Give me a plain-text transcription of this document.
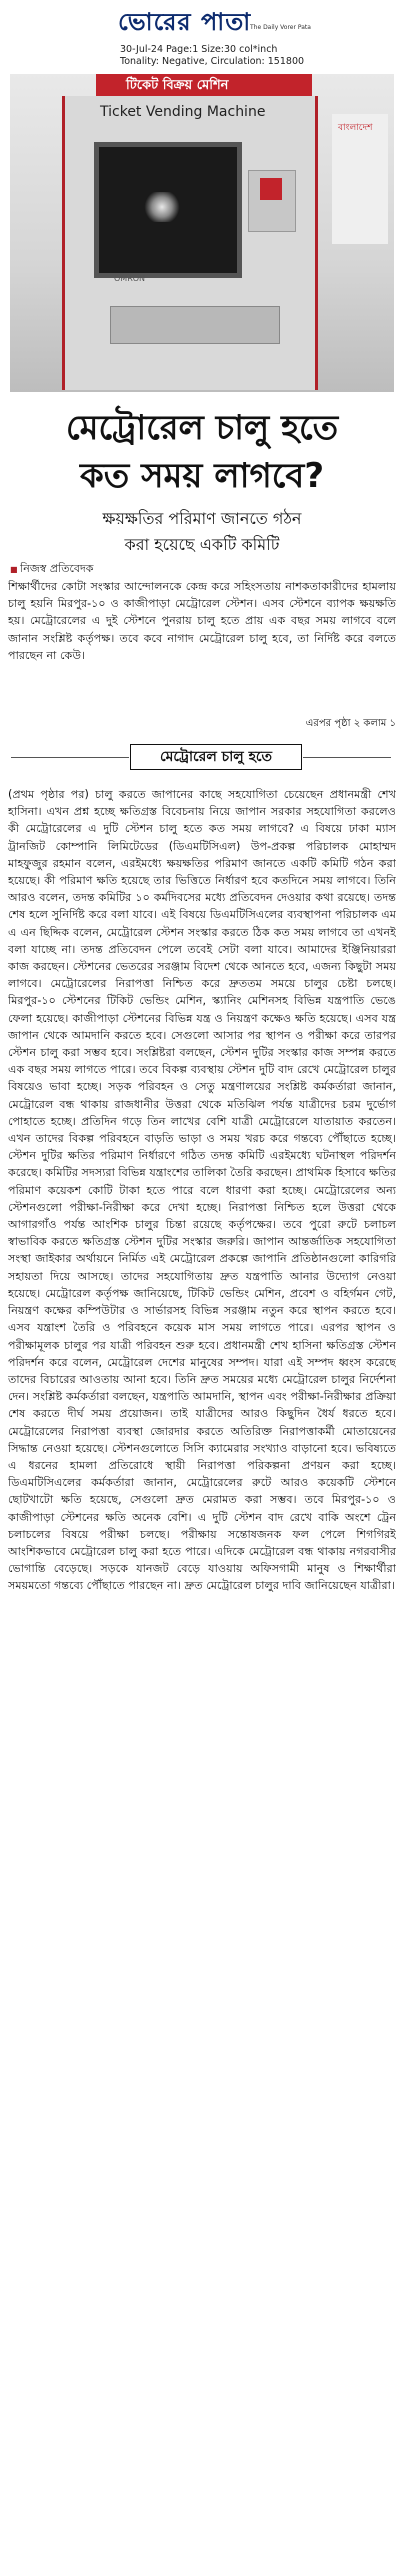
ভোরের পাতা
The Daily Vorer Pata
30-Jul-24 Page:1 Size:30 col*inch
Tonality: Negative, Circulation: 151800
টিকেট বিক্রয় মেশিন
Ticket Vending Machine
OMRON
বাংলাদেশ
মেট্রোরেল চালু হতে
কত সময় লাগবে?
ক্ষয়ক্ষতির পরিমাণ জানতে গঠন
করা হয়েছে একটি কমিটি
■ নিজস্ব প্রতিবেদক
শিক্ষার্থীদের কোটা সংস্কার আন্দোলনকে কেন্দ্র করে সহিংসতায় নাশকতাকারীদের হামলায় চালু হয়নি মিরপুর-১০ ও কাজীপাড়া মেট্রোরেল স্টেশন। এসব স্টেশনে ব্যাপক ক্ষয়ক্ষতি হয়। মেট্রোরেলের এ দুই স্টেশনে পুনরায় চালু হতে প্রায় এক বছর সময় লাগবে বলে জানান সংশ্লিষ্ট কর্তৃপক্ষ। তবে কবে নাগাদ মেট্রোরেল চালু হবে, তা নির্দিষ্ট করে বলতে পারছেন না কেউ।
এরপর পৃষ্ঠা ২ কলাম ১
মেট্রোরেল চালু হতে
(প্রথম পৃষ্ঠার পর) চালু করতে জাপানের কাছে সহযোগিতা চেয়েছেন প্রধানমন্ত্রী শেখ হাসিনা। এখন প্রশ্ন হচ্ছে ক্ষতিগ্রস্ত বিবেচনায় নিয়ে জাপান সরকার সহযোগিতা করলেও কী মেট্রোরেলের এ দুটি স্টেশন চালু হতে কত সময় লাগবে? এ বিষয়ে ঢাকা ম্যাস ট্রানজিট কোম্পানি লিমিটেডের (ডিএমটিসিএল) উপ-প্রকল্প পরিচালক মোহাম্মদ মাহফুজুর রহমান বলেন, এরইমধ্যে ক্ষয়ক্ষতির পরিমাণ জানতে একটি কমিটি গঠন করা হয়েছে। কী পরিমাণ ক্ষতি হয়েছে তার ভিত্তিতে নির্ধারণ হবে কতদিনে সময় লাগবে। তিনি আরও বলেন, তদন্ত কমিটির ১০ কর্মদিবসের মধ্যে প্রতিবেদন দেওয়ার কথা রয়েছে। তদন্ত শেষ হলে সুনির্দিষ্ট করে বলা যাবে। এই বিষয়ে ডিএমটিসিএলের ব্যবস্থাপনা পরিচালক এম এ এন ছিদ্দিক বলেন, মেট্রোরেল স্টেশন সংস্কার করতে ঠিক কত সময় লাগবে তা এখনই বলা যাচ্ছে না। তদন্ত প্রতিবেদন পেলে তবেই সেটা বলা যাবে। আমাদের ইঞ্জিনিয়াররা কাজ করছেন। স্টেশনের ভেতরের সরঞ্জাম বিদেশ থেকে আনতে হবে, এজন্য কিছুটা সময় লাগবে। মেট্রোরেলের নিরাপত্তা নিশ্চিত করে দ্রুততম সময়ে চালুর চেষ্টা চলছে। মিরপুর-১০ স্টেশনের টিকিট ভেন্ডিং মেশিন, স্ক্যানিং মেশিনসহ বিভিন্ন যন্ত্রপাতি ভেঙে ফেলা হয়েছে। কাজীপাড়া স্টেশনের বিভিন্ন যন্ত্র ও নিয়ন্ত্রণ কক্ষেও ক্ষতি হয়েছে। এসব যন্ত্র জাপান থেকে আমদানি করতে হবে। সেগুলো আসার পর স্থাপন ও পরীক্ষা করে তারপর স্টেশন চালু করা সম্ভব হবে। সংশ্লিষ্টরা বলছেন, স্টেশন দুটির সংস্কার কাজ সম্পন্ন করতে এক বছর সময় লাগতে পারে। তবে বিকল্প ব্যবস্থায় স্টেশন দুটি বাদ রেখে মেট্রোরেল চালুর বিষয়েও ভাবা হচ্ছে। সড়ক পরিবহন ও সেতু মন্ত্রণালয়ের সংশ্লিষ্ট কর্মকর্তারা জানান, মেট্রোরেল বন্ধ থাকায় রাজধানীর উত্তরা থেকে মতিঝিল পর্যন্ত যাত্রীদের চরম দুর্ভোগ পোহাতে হচ্ছে। প্রতিদিন গড়ে তিন লাখের বেশি যাত্রী মেট্রোরেলে যাতায়াত করতেন। এখন তাদের বিকল্প পরিবহনে বাড়তি ভাড়া ও সময় খরচ করে গন্তব্যে পৌঁছাতে হচ্ছে। স্টেশন দুটির ক্ষতির পরিমাণ নির্ধারণে গঠিত তদন্ত কমিটি এরইমধ্যে ঘটনাস্থল পরিদর্শন করেছে। কমিটির সদস্যরা বিভিন্ন যন্ত্রাংশের তালিকা তৈরি করছেন। প্রাথমিক হিসাবে ক্ষতির পরিমাণ কয়েকশ কোটি টাকা হতে পারে বলে ধারণা করা হচ্ছে। মেট্রোরেলের অন্য স্টেশনগুলো পরীক্ষা-নিরীক্ষা করে দেখা হচ্ছে। নিরাপত্তা নিশ্চিত হলে উত্তরা থেকে আগারগাঁও পর্যন্ত আংশিক চালুর চিন্তা রয়েছে কর্তৃপক্ষের। তবে পুরো রুটে চলাচল স্বাভাবিক করতে ক্ষতিগ্রস্ত স্টেশন দুটির সংস্কার জরুরি। জাপান আন্তর্জাতিক সহযোগিতা সংস্থা জাইকার অর্থায়নে নির্মিত এই মেট্রোরেল প্রকল্পে জাপানি প্রতিষ্ঠানগুলো কারিগরি সহায়তা দিয়ে আসছে। তাদের সহযোগিতায় দ্রুত যন্ত্রপাতি আনার উদ্যোগ নেওয়া হয়েছে। মেট্রোরেল কর্তৃপক্ষ জানিয়েছে, টিকিট ভেন্ডিং মেশিন, প্রবেশ ও বহির্গমন গেট, নিয়ন্ত্রণ কক্ষের কম্পিউটার ও সার্ভারসহ বিভিন্ন সরঞ্জাম নতুন করে স্থাপন করতে হবে। এসব যন্ত্রাংশ তৈরি ও পরিবহনে কয়েক মাস সময় লাগতে পারে। এরপর স্থাপন ও পরীক্ষামূলক চালুর পর যাত্রী পরিবহন শুরু হবে। প্রধানমন্ত্রী শেখ হাসিনা ক্ষতিগ্রস্ত স্টেশন পরিদর্শন করে বলেন, মেট্রোরেল দেশের মানুষের সম্পদ। যারা এই সম্পদ ধ্বংস করেছে তাদের বিচারের আওতায় আনা হবে। তিনি দ্রুত সময়ের মধ্যে মেট্রোরেল চালুর নির্দেশনা দেন। সংশ্লিষ্ট কর্মকর্তারা বলছেন, যন্ত্রপাতি আমদানি, স্থাপন এবং পরীক্ষা-নিরীক্ষার প্রক্রিয়া শেষ করতে দীর্ঘ সময় প্রয়োজন। তাই যাত্রীদের আরও কিছুদিন ধৈর্য ধরতে হবে। মেট্রোরেলের নিরাপত্তা ব্যবস্থা জোরদার করতে অতিরিক্ত নিরাপত্তাকর্মী মোতায়েনের সিদ্ধান্ত নেওয়া হয়েছে। স্টেশনগুলোতে সিসি ক্যামেরার সংখ্যাও বাড়ানো হবে। ভবিষ্যতে এ ধরনের হামলা প্রতিরোধে স্থায়ী নিরাপত্তা পরিকল্পনা প্রণয়ন করা হচ্ছে। ডিএমটিসিএলের কর্মকর্তারা জানান, মেট্রোরেলের রুটে আরও কয়েকটি স্টেশনে ছোটখাটো ক্ষতি হয়েছে, সেগুলো দ্রুত মেরামত করা সম্ভব। তবে মিরপুর-১০ ও কাজীপাড়া স্টেশনের ক্ষতি অনেক বেশি। এ দুটি স্টেশন বাদ রেখে বাকি অংশে ট্রেন চলাচলের বিষয়ে পরীক্ষা চলছে। পরীক্ষায় সন্তোষজনক ফল পেলে শিগগিরই আংশিকভাবে মেট্রোরেল চালু করা হতে পারে। এদিকে মেট্রোরেল বন্ধ থাকায় নগরবাসীর ভোগান্তি বেড়েছে। সড়কে যানজট বেড়ে যাওয়ায় অফিসগামী মানুষ ও শিক্ষার্থীরা সময়মতো গন্তব্যে পৌঁছাতে পারছেন না। দ্রুত মেট্রোরেল চালুর দাবি জানিয়েছেন যাত্রীরা।
